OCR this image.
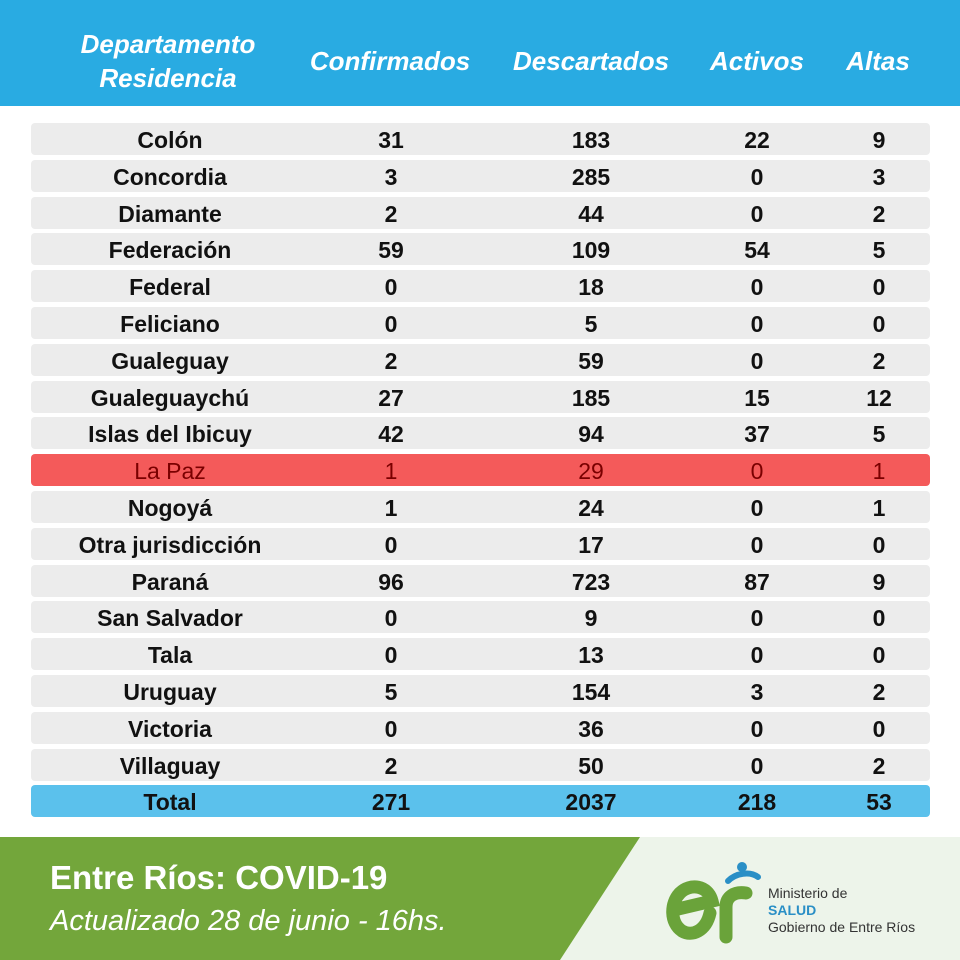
Departamento
Residencia
Confirmados	Descartados	Activos	Altas
Colón	31	183	22	9
Concordia	3	285	0	3
Diamante	2	44	0	2
Federación	59	109	54	5
Federal	0	18	0	0
Feliciano	0	5	0	0
Gualeguay	2	59	0	2
Gualeguaychú	27	185	15	12
Islas del Ibicuy	42	94	37	5
La Paz	1	29	0	1
Nogoyá	1	24	0	1
Otra jurisdicción	0	17	0	0
Paraná	96	723	87	9
San Salvador	0	9	0	0
Tala	0	13	0	0
Uruguay	5	154	3	2
Victoria	0	36	0	0
Villaguay	2	50	0	2
Total	271	2037	218	53
Entre Ríos: COVID-19
Actualizado 28 de junio - 16hs.
Ministerio de
SALUD
Gobierno de Entre Ríos
